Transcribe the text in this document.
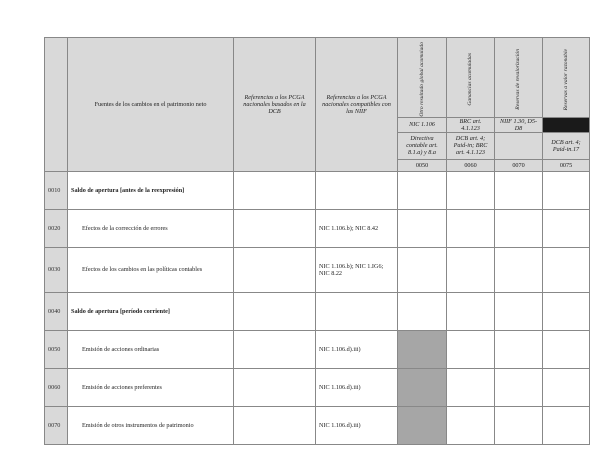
	Fuentes de los cambios en el patrimonio neto	Referencias a los PCGA nacionales basados en la DCB	Referencias a los PCGA nacionales compatibles con las NIIF	Otro resultado global acumulado	Ganancias acumuladas	Reservas de revalorización	Reservas a valor razonable

				NIC 1.106	BRC art. 4.1.123	NIIF 1.30, D5-D8	
				Directiva contable art. 8.1.a) y 8.a	DCB art. 4; Paid-in; BRC art. 4.1.123		DCB art. 4; Paid-in.17
				0050	0060	0070	0075
0010	Saldo de apertura [antes de la reexpresión]						
0020	Efectos de la corrección de errores		NIC 1.106.b); NIC 8.42				
0030	Efectos de los cambios en las políticas contables		NIC 1.106.b); NIC 1.IG6; NIC 8.22				
0040	Saldo de apertura [período corriente]						
0050	Emisión de acciones ordinarias		NIC 1.106.d).iii)				
0060	Emisión de acciones preferentes		NIC 1.106.d).iii)				
0070	Emisión de otros instrumentos de patrimonio		NIC 1.106.d).iii)				
